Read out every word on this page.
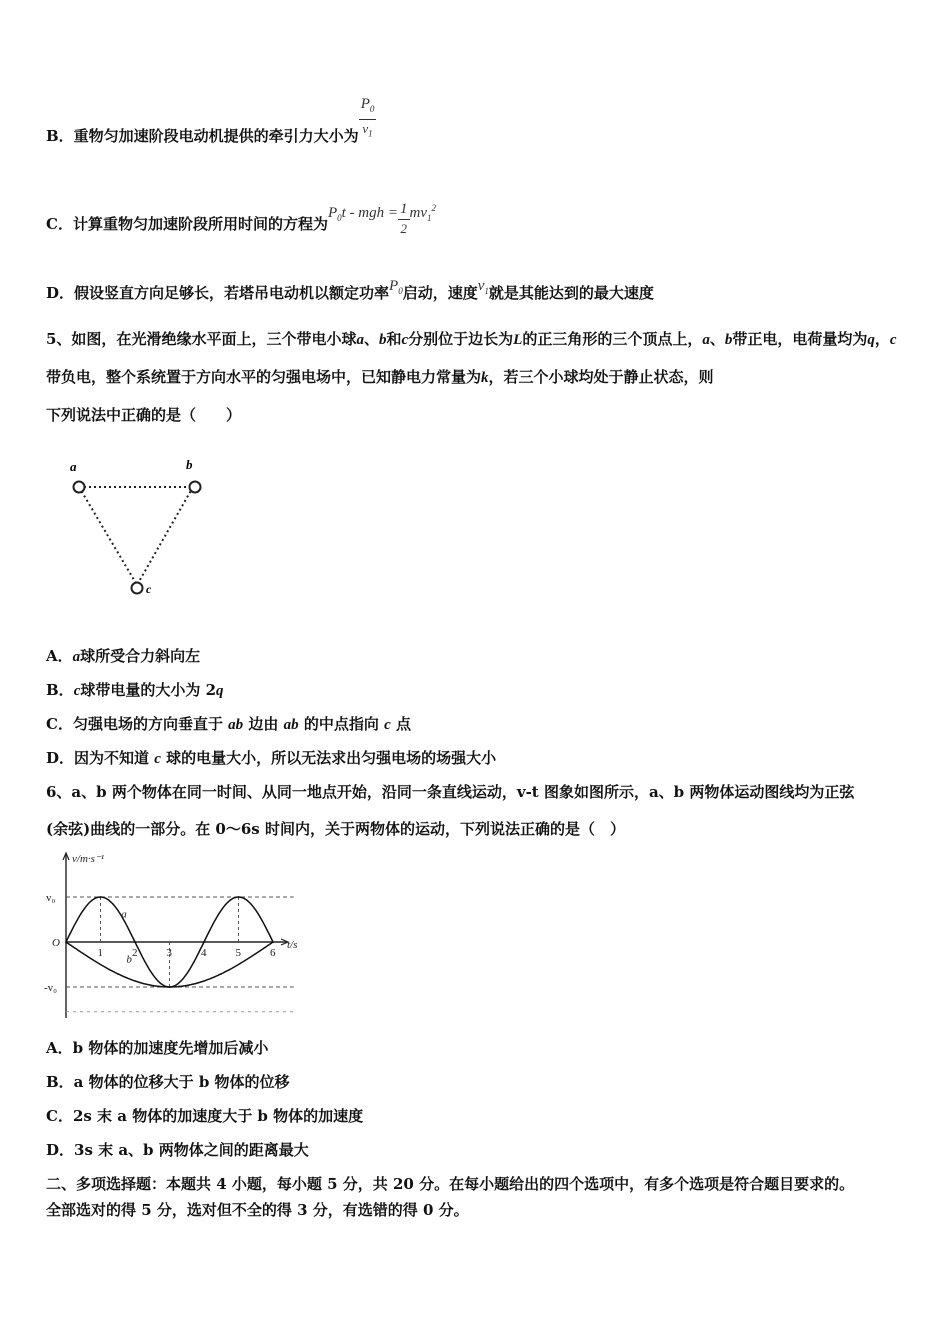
B．重物匀加速阶段电动机提供的牵引力大小为 $\frac{P_0}{v_1}$
C．计算重物匀加速阶段所用时间的方程为$P_0t$ - mgh = $\frac{1}{2} mv_1^2$
D．假设竖直方向足够长，若塔吊电动机以额定功率$P_0$启动，速度$v_1$就是其能达到的最大速度
5、如图，在光滑绝缘水平面上，三个带电小球a、b和c分别位于边长为L的正三角形的三个顶点上，a、b带正电，电荷量均为q，c带负电，整个系统置于方向水平的匀强电场中，已知静电力常量为k，若三个小球均处于静止状态，则
下列说法中正确的是（　　）
a	b
c
A．a球所受合力斜向左
B．c球带电量的大小为 2q
C．匀强电场的方向垂直于 ab 边由 ab 的中点指向 c 点
D．因为不知道 c 球的电量大小，所以无法求出匀强电场的场强大小
6、a、b 两个物体在同一时间、从同一地点开始，沿同一条直线运动，v-t 图象如图所示，a、b 两物体运动图线均为正弦
(余弦)曲线的一部分。在 0～6s 时间内，关于两物体的运动，下列说法正确的是（　）
1	2	3	4	5	6
O
v₀
-v₀
v/m·s⁻¹
t/s
a
b
A．b 物体的加速度先增加后减小
B．a 物体的位移大于 b 物体的位移
C．2s 末 a 物体的加速度大于 b 物体的加速度
D．3s 末 a、b 两物体之间的距离最大
二、多项选择题：本题共 4 小题，每小题 5 分，共 20 分。在每小题给出的四个选项中，有多个选项是符合题目要求的。
全部选对的得 5 分，选对但不全的得 3 分，有选错的得 0 分。
